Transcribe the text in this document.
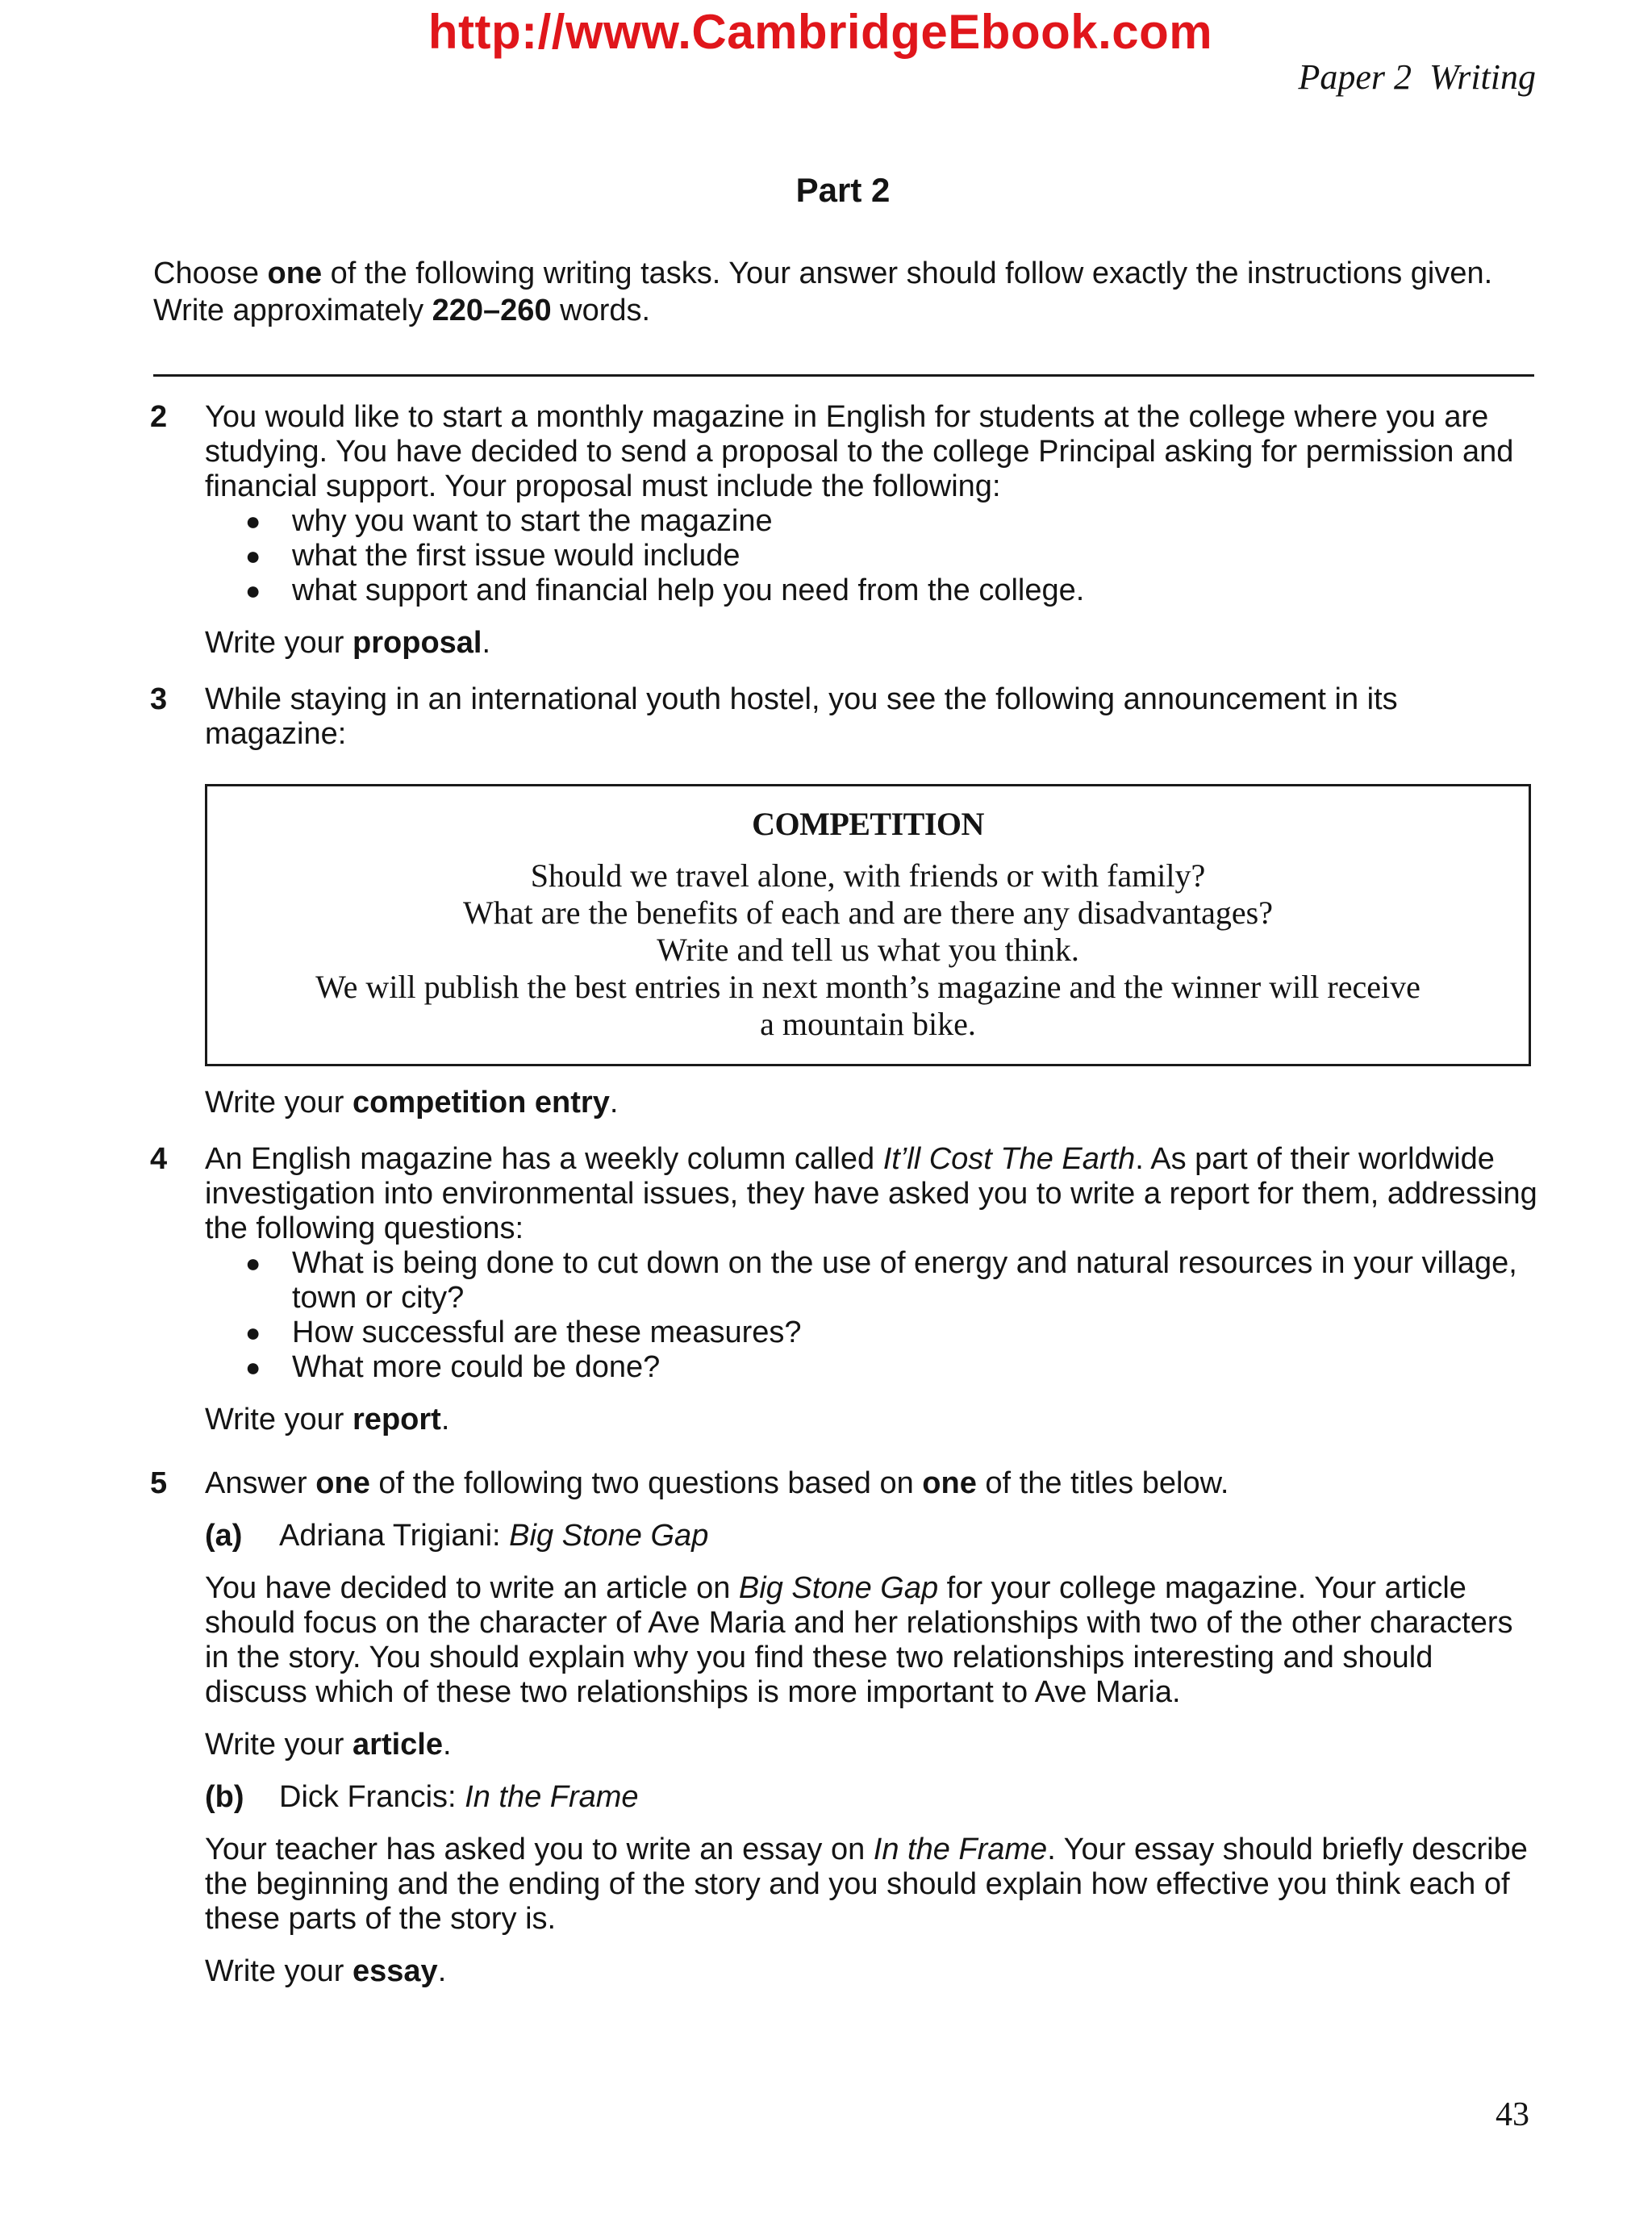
http://www.CambridgeEbook.com
Paper 2 Writing
Part 2
Choose one of the following writing tasks. Your answer should follow exactly the instructions given.
Write approximately 220–260 words.
2	You would like to start a monthly magazine in English for students at the college where you are studying. You have decided to send a proposal to the college Principal asking for permission and financial support. Your proposal must include the following:

● why you want to start the magazine
● what the first issue would include
● what support and financial help you need from the college.

Write your proposal.

3	While staying in an international youth hostel, you see the following announcement in its magazine:

COMPETITION
Should we travel alone, with friends or with family?
What are the benefits of each and are there any disadvantages?
Write and tell us what you think.
We will publish the best entries in next month’s magazine and the winner will receive
a mountain bike.

Write your competition entry.

4	An English magazine has a weekly column called It’ll Cost The Earth. As part of their worldwide investigation into environmental issues, they have asked you to write a report for them, addressing the following questions:

● What is being done to cut down on the use of energy and natural resources in your village, town or city?
● How successful are these measures?
● What more could be done?

Write your report.

5	Answer one of the following two questions based on one of the titles below.

(a) Adriana Trigiani: Big Stone Gap

You have decided to write an article on Big Stone Gap for your college magazine. Your article should focus on the character of Ave Maria and her relationships with two of the other characters in the story. You should explain why you find these two relationships interesting and should discuss which of these two relationships is more important to Ave Maria.

Write your article.

(b) Dick Francis: In the Frame

Your teacher has asked you to write an essay on In the Frame. Your essay should briefly describe the beginning and the ending of the story and you should explain how effective you think each of these parts of the story is.

Write your essay.

43
